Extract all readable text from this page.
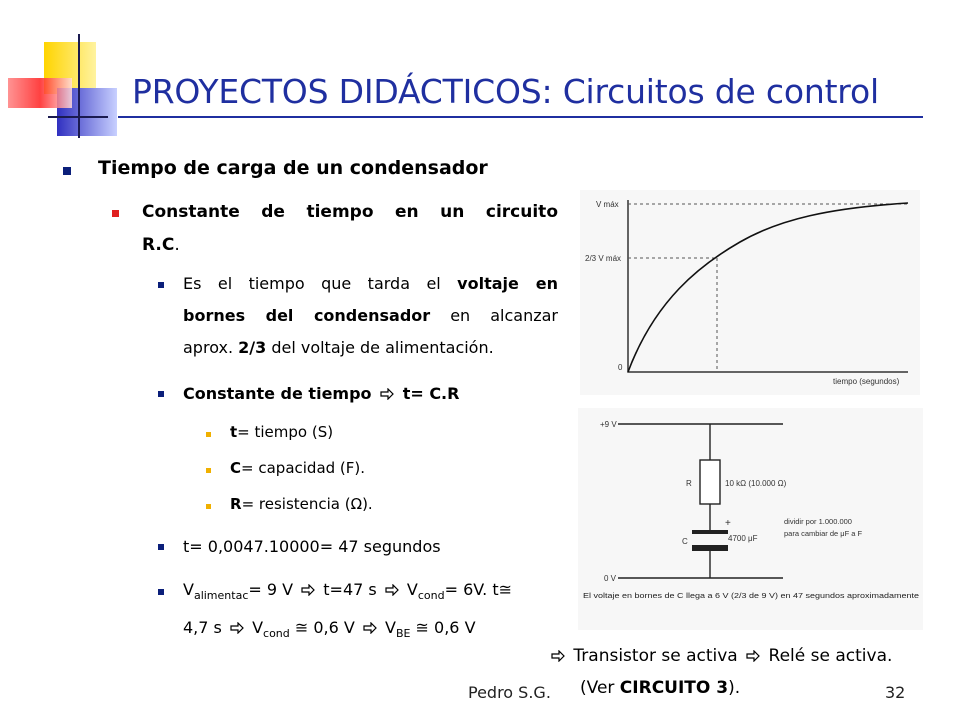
PROYECTOS DIDÁCTICOS: Circuitos de control
Tiempo de carga de un condensador
Constante de tiempo en un circuito
R.C.
Es el tiempo que tarda el voltaje en
bornes del condensador en alcanzar
aprox. 2/3 del voltaje de alimentación.
Constante de tiempo t= C.R
t= tiempo (S)
C= capacidad (F).
R= resistencia (Ω).
t= 0,0047.10000= 47 segundos
$V_{alimentac}= 9$ V t=47 s $V_{cond}= 6V$. t≅
4,7 s $V_{cond}$ ≅ 0,6 V $V_{BE}$ ≅ 0,6 V
V máx
2/3 V máx
0
tiempo (segundos)
+9 V
0 V
R	10 kΩ (10.000 Ω)
C
+
4700 μF
dividir por 1.000.000
para cambiar de μF a F
El voltaje en bornes de C llega a 6 V (2/3 de 9 V) en 47 segundos aproximadamente
Transistor se activa Relé se activa.
(Ver CIRCUITO 3).
Pedro S.G.	32
